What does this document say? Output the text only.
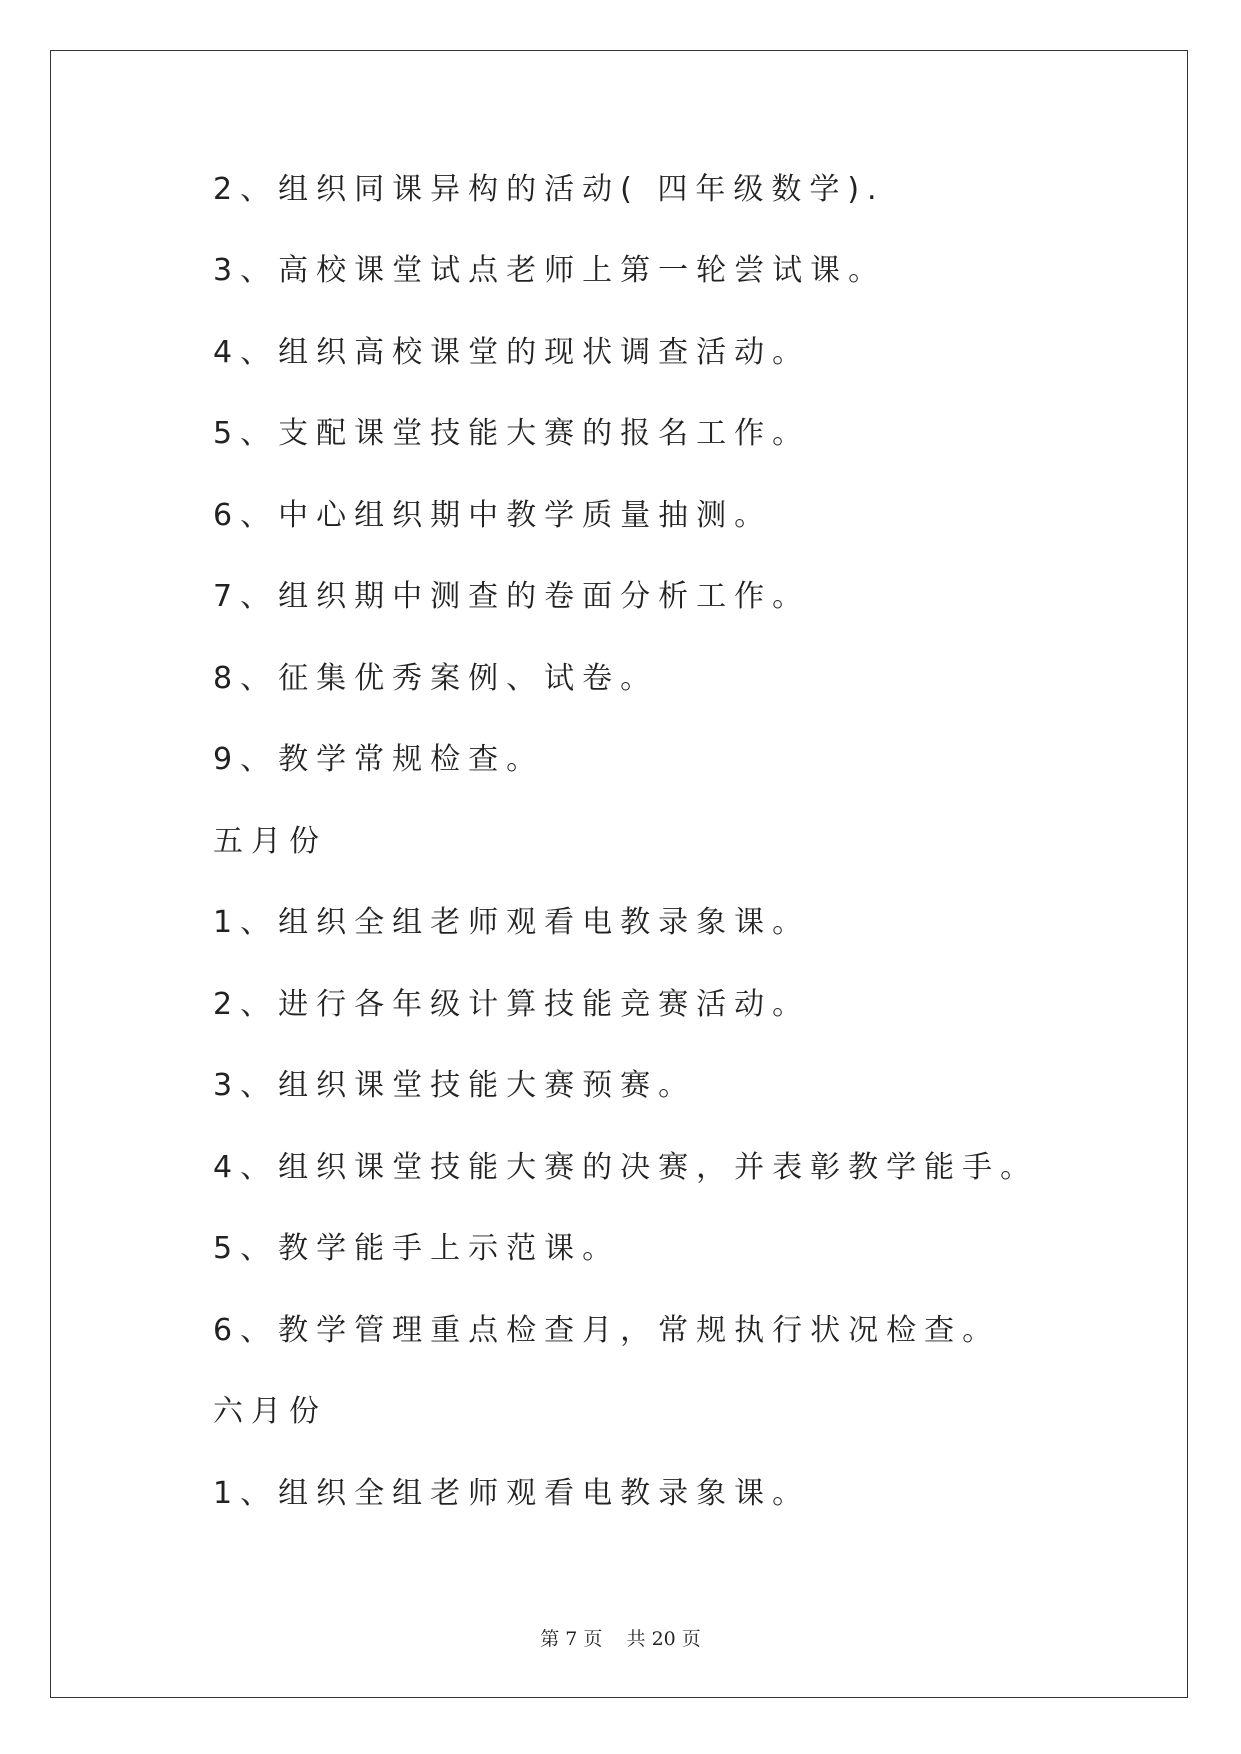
2、组织同课异构的活动( 四年级数学).
3、高校课堂试点老师上第一轮尝试课。
4、组织高校课堂的现状调查活动。
5、支配课堂技能大赛的报名工作。
6、中心组织期中教学质量抽测。
7、组织期中测查的卷面分析工作。
8、征集优秀案例、试卷。
9、教学常规检查。
五月份
1、组织全组老师观看电教录象课。
2、进行各年级计算技能竞赛活动。
3、组织课堂技能大赛预赛。
4、组织课堂技能大赛的决赛，并表彰教学能手。
5、教学能手上示范课。
6、教学管理重点检查月，常规执行状况检查。
六月份
1、组织全组老师观看电教录象课。
第 7 页 共 20 页
